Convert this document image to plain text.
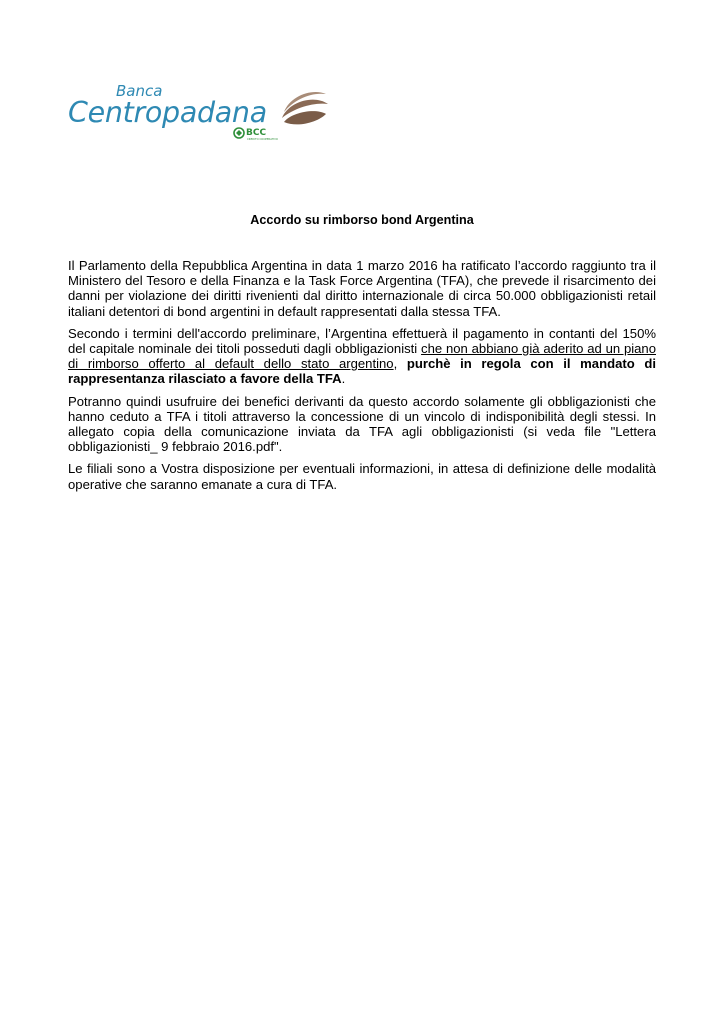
Banca
Centropadana
BCC
CREDITO COOPERATIVO
Accordo su rimborso bond Argentina

Il Parlamento della Repubblica Argentina in data 1 marzo 2016 ha ratificato l’accordo raggiunto tra il Ministero del Tesoro e della Finanza e la Task Force Argentina (TFA), che prevede il risarcimento dei danni per violazione dei diritti rivenienti dal diritto internazionale di circa 50.000 obbligazionisti retail italiani detentori di bond argentini in default rappresentati dalla stessa TFA.

Secondo i termini dell'accordo preliminare, l’Argentina effettuerà il pagamento in contanti del 150% del capitale nominale dei titoli posseduti dagli obbligazionisti che non abbiano già aderito ad un piano di rimborso offerto al default dello stato argentino, purchè in regola con il mandato di rappresentanza rilasciato a favore della TFA.

Potranno quindi usufruire dei benefici derivanti da questo accordo solamente gli obbligazionisti che hanno ceduto a TFA i titoli attraverso la concessione di un vincolo di indisponibilità degli stessi. In allegato copia della comunicazione inviata da TFA agli obbligazionisti (si veda file "Lettera obbligazionisti_ 9 febbraio 2016.pdf".

Le filiali sono a Vostra disposizione per eventuali informazioni, in attesa di definizione delle modalità operative che saranno emanate a cura di TFA.
